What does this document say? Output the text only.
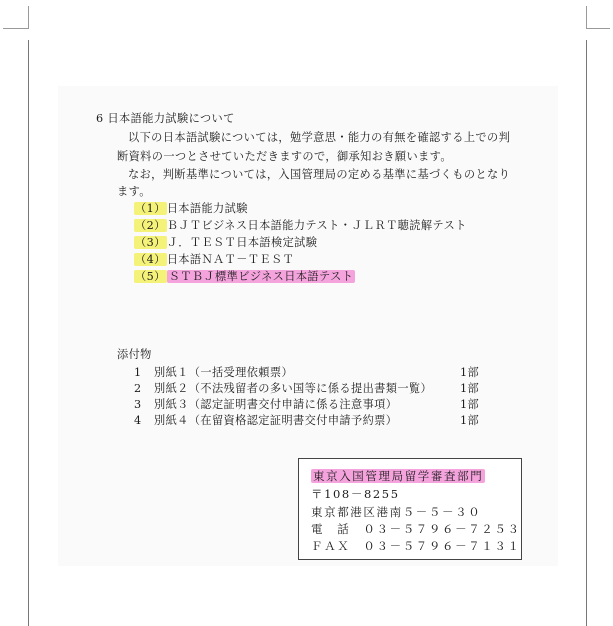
6 日本語能力試験について
以下の日本語試験については，勉学意思・能力の有無を確認する上での判
断資料の一つとさせていただきますので，御承知おき願います。
なお，判断基準については，入国管理局の定める基準に基づくものとなり
ます。
（1）日本語能力試験
（2）ＢＪＴビジネス日本語能力テスト・ＪＬＲＴ聴読解テスト
（3）Ｊ．ＴＥＳＴ日本語検定試験
（4）日本語ＮＡＴ－ＴＥＳＴ
（5） ＳＴＢＪ標準ビジネス日本語テスト
添付物
1 別紙１（一括受理依頼票）	1部
2 別紙２（不法残留者の多い国等に係る提出書類一覧） 1部
3 別紙３（認定証明書交付申請に係る注意事項）	1部
4 別紙４（在留資格認定証明書交付申請予約票）	1部
東京入国管理局留学審査部門
〒108－8255
東京都港区港南５－５－３０
電　話　０３－５７９６－７２５３
ＦＡＸ　０３－５７９６－７１３１
